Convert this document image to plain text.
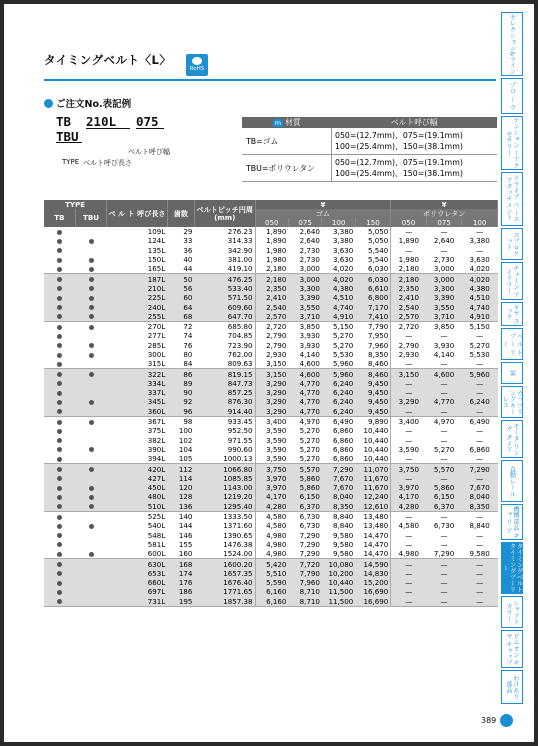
タイミングベルト〈L〉
RoHS
ご注文No.表記例
TB 210L 075
TBU
ベルト呼び幅
TYPE ベルト呼び長さ
m 材質	ベルト呼び幅
TB=ゴム	050=(12.7mm)、075=(19.1mm)
100=(25.4mm)、150=(38.1mm)

TBU=ポリウレタン	050=(12.7mm)、075=(19.1mm)
100=(25.4mm)、150=(38.1mm)
TYPE		ベ ル ト 呼び長さ	歯数	ベルトピッチ円周 (mm)	¥				¥		
TB	TBU				ゴム				ポリウレタン		
					050	075	100	150	050	075	100
		109L	29	276.23	1,890	2,640	3,380	5,050	—	—	—
		124L	33	314.33	1,890	2,640	3,380	5,050	1,890	2,640	3,380
		135L	36	342.90	1,980	2,730	3,630	5,540	—	—	—
		150L	40	381.00	1,980	2,730	3,630	5,540	1,980	2,730	3,630
		165L	44	419.10	2,180	3,000	4,020	6,030	2,180	3,000	4,020
		187L	50	476.25	2,180	3,000	4,020	6,030	2,180	3,000	4,020
		210L	56	533.40	2,350	3,300	4,380	6,610	2,350	3,300	4,380
		225L	60	571.50	2,410	3,390	4,510	6,800	2,410	3,390	4,510
		240L	64	609.60	2,540	3,550	4,740	7,170	2,540	3,550	4,740
		255L	68	647.70	2,570	3,710	4,910	7,410	2,570	3,710	4,910
		270L	72	685.80	2,720	3,850	5,150	7,790	2,720	3,850	5,150
		277L	74	704.85	2,790	3,930	5,270	7,950	—	—	—
		285L	76	723.90	2,790	3,930	5,270	7,960	2,790	3,930	5,270
		300L	80	762.00	2,930	4,140	5,530	8,350	2,930	4,140	5,530
		315L	84	809.63	3,150	4,600	5,960	8,460	—	—	—
		322L	86	819.15	3,150	4,600	5,960	8,460	3,150	4,600	5,960
		334L	89	847.73	3,290	4,770	6,240	9,450	—	—	—
		337L	90	857.25	3,290	4,770	6,240	9,450	—	—	—
		345L	92	876.30	3,290	4,770	6,240	9,450	3,290	4,770	6,240
		360L	96	914.40	3,290	4,770	6,240	9,450	—	—	—
		367L	98	933.45	3,400	4,970	6,490	9,890	3,400	4,970	6,490
		375L	100	952.50	3,590	5,270	6,860	10,440	—	—	—
		382L	102	971.55	3,590	5,270	6,860	10,440	—	—	—
		390L	104	990.60	3,590	5,270	6,860	10,440	3,590	5,270	6,860
		394L	105	1000.13	3,590	5,270	6,860	10,440	—	—	—
		420L	112	1066.80	3,750	5,570	7,290	11,070	3,750	5,570	7,290
		427L	114	1085.85	3,970	5,860	7,670	11,670	—	—	—
		450L	120	1143.00	3,970	5,860	7,670	11,670	3,970	5,860	7,670
		480L	128	1219.20	4,170	6,150	8,040	12,240	4,170	6,150	8,040
		510L	136	1295.40	4,280	6,370	8,350	12,610	4,280	6,370	8,350
		525L	140	1333.50	4,580	6,730	8,840	13,480	—	—	—
		540L	144	1371.60	4,580	6,730	8,840	13,480	4,580	6,730	8,840
		548L	146	1390.65	4,980	7,290	9,580	14,470	—	—	—
		581L	155	1476.38	4,980	7,290	9,580	14,470	—	—	—
		600L	160	1524.00	4,980	7,290	9,580	14,470	4,980	7,290	9,580
		630L	168	1600.20	5,420	7,720	10,080	14,590	—	—	—
		653L	174	1657.35	5,510	7,790	10,200	14,830	—	—	—
		660L	176	1676.40	5,590	7,960	10,440	15,200	—	—	—
		697L	186	1771.65	6,160	8,710	11,500	16,690	—	—	—
		731L	195	1857.38	6,160	8,710	11,500	16,690	—	—	—
セレクション&ライン
プロ ー ラ
テンション ーアクセサリー
ドライブ ベ ースアタッチメント
スプロケット
チェーン アイドラー
ギヤ ラック
ベ ル ト プ ー リ ー
歯
カップリングキーレス
モータ リング ガイド
直動レール
機構部品 ギ ャ リ ア
タイミングベルト タイミングプーリー
シャフトカラー
ピニオン ギヤ キャップ
わけあり 部品
389
